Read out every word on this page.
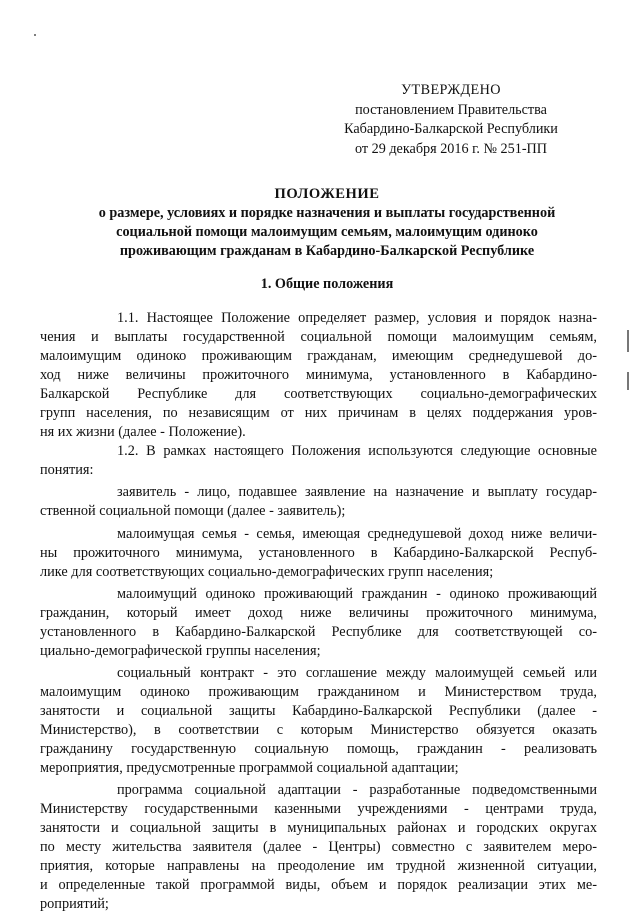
УТВЕРЖДЕНО
постановлением Правительства
Кабардино-Балкарской Республики
от 29 декабря 2016 г. № 251-ПП
ПОЛОЖЕНИЕ
о размере, условиях и порядке назначения и выплаты государственной
социальной помощи малоимущим семьям, малоимущим одиноко
проживающим гражданам в Кабардино-Балкарской Республике
1. Общие положения
1.1. Настоящее Положение определяет размер, условия и порядок назна-
чения и выплаты государственной социальной помощи малоимущим семьям,
малоимущим одиноко проживающим гражданам, имеющим среднедушевой до-
ход ниже величины прожиточного минимума, установленного в Кабардино-
Балкарской Республике для соответствующих социально-демографических
групп населения, по независящим от них причинам в целях поддержания уров-
ня их жизни (далее - Положение).
1.2. В рамках настоящего Положения используются следующие основные
понятия:
заявитель - лицо, подавшее заявление на назначение и выплату государ-
ственной социальной помощи (далее - заявитель);
малоимущая семья - семья, имеющая среднедушевой доход ниже величи-
ны прожиточного минимума, установленного в Кабардино-Балкарской Респуб-
лике для соответствующих социально-демографических групп населения;
малоимущий одиноко проживающий гражданин - одиноко проживающий
гражданин, который имеет доход ниже величины прожиточного минимума,
установленного в Кабардино-Балкарской Республике для соответствующей со-
циально-демографической группы населения;
социальный контракт - это соглашение между малоимущей семьей или
малоимущим одиноко проживающим гражданином и Министерством труда,
занятости и социальной защиты Кабардино-Балкарской Республики (далее -
Министерство), в соответствии с которым Министерство обязуется оказать
гражданину государственную социальную помощь, гражданин - реализовать
мероприятия, предусмотренные программой социальной адаптации;
программа социальной адаптации - разработанные подведомственными
Министерству государственными казенными учреждениями - центрами труда,
занятости и социальной защиты в муниципальных районах и городских округах
по месту жительства заявителя (далее - Центры) совместно с заявителем меро-
приятия, которые направлены на преодоление им трудной жизненной ситуации,
и определенные такой программой виды, объем и порядок реализации этих ме-
роприятий;
